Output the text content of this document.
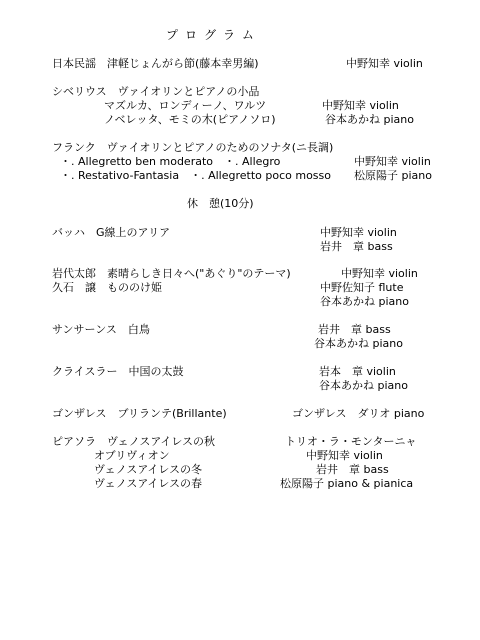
プログラム
日本民謡　津軽じょんがら節(藤本幸男編)	中野知幸 violin
シベリウス　ヴァイオリンとピアノの小品
マズルカ、ロンディーノ、ワルツ	中野知幸 violin
ノベレッタ、モミの木(ピアノソロ)	谷本あかね piano
フランク　ヴァイオリンとピアノのためのソナタ(ニ長調)
・. Allegretto ben moderato　・. Allegro	中野知幸 violin
・. Restativo-Fantasia　・. Allegretto poco mosso 松原陽子 piano
休　憩(10分)
バッハ　G線上のアリア	中野知幸 violin
岩井　章 bass
岩代太郎　素晴らしき日々へ("あぐり"のテーマ)	中野知幸 violin
久石　譲　もののけ姫	中野佐知子 flute
谷本あかね piano
サンサーンス　白鳥	岩井　章 bass
谷本あかね piano
クライスラー　中国の太鼓	岩本　章 violin
谷本あかね piano
ゴンザレス　ブリランテ(Brillante)	ゴンザレス　ダリオ piano
ピアソラ　ヴェノスアイレスの秋	トリオ・ラ・モンターニャ
オブリヴィオン	中野知幸 violin
ヴェノスアイレスの冬	岩井　章 bass
ヴェノスアイレスの春	松原陽子 piano & pianica
